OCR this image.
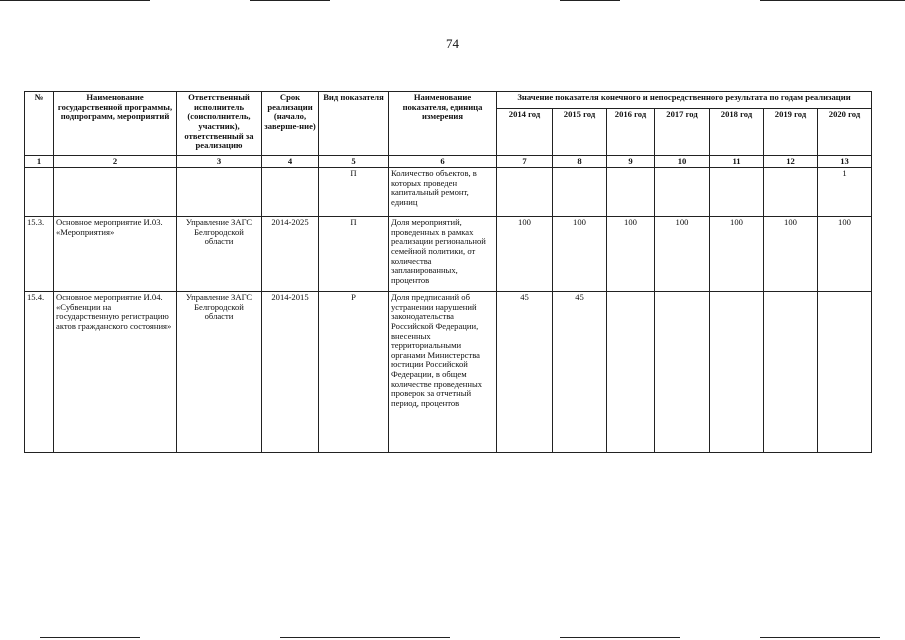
74
№	Наименование государственной программы, подпрограмм, мероприятий	Ответственный исполнитель (соисполнитель, участник), ответственный за реализацию	Срок реализации (начало, заверше-ние)	Вид показателя	Наименование показателя, единица измерения	Значение показателя конечного и непосредственного результата по годам реализации						
						2014 год	2015 год	2016 год	2017 год	2018 год	2019 год	2020 год
1	2	3	4	5	6	7	8	9	10	11	12	13
				П	Количество объектов, в которых проведен капитальный ремонт, единиц							1
15.3.	Основное мероприятие И.03. «Мероприятия»	Управление ЗАГС Белгородской области	2014-2025	П	Доля мероприятий, проведенных в рамках реализации региональной семейной политики, от количества запланированных, процентов	100	100	100	100	100	100	100
15.4.	Основное мероприятие И.04. «Субвенции на государственную регистрацию актов гражданского состояния»	Управление ЗАГС Белгородской области	2014-2015	Р	Доля предписаний об устранении нарушений законодательства Российской Федерации, внесенных территориальными органами Министерства юстиции Российской Федерации, в общем количестве проведенных проверок за отчетный период, процентов	45	45					
